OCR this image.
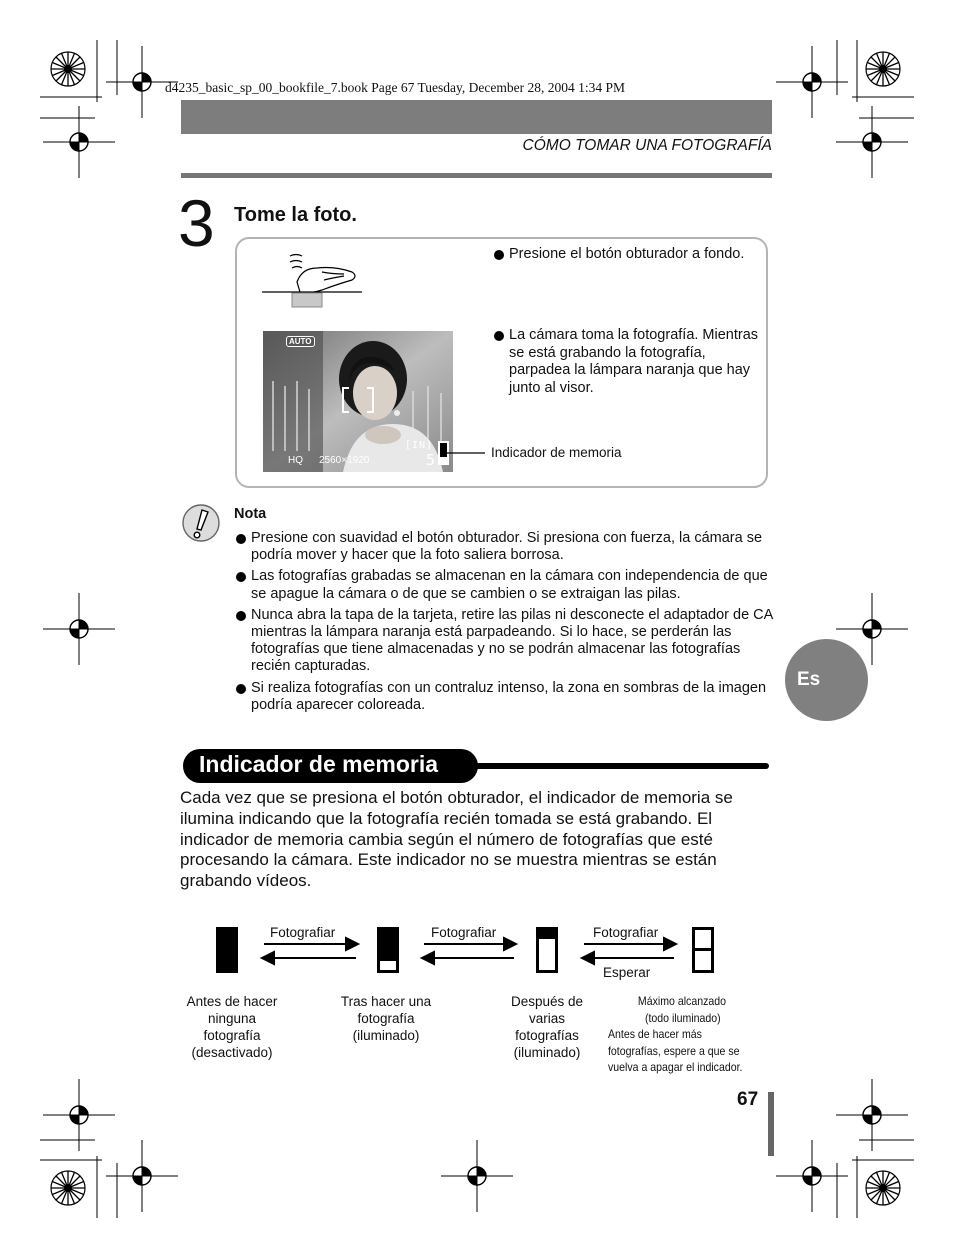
d4235_basic_sp_00_bookfile_7.book Page 67 Tuesday, December 28, 2004 1:34 PM
CÓMO TOMAR UNA FOTOGRAFÍA
3 Tome la foto.
Presione el botón obturador a fondo.
La cámara toma la fotografía. Mientras se está grabando la fotografía, parpadea la lámpara naranja que hay junto al visor.
AUTO
[IN]
5
HQ 2560×1920
Indicador de memoria
Nota
Presione con suavidad el botón obturador. Si presiona con fuerza, la cámara se podría mover y hacer que la foto saliera borrosa.
Las fotografías grabadas se almacenan en la cámara con independencia de que se apague la cámara o de que se cambien o se extraigan las pilas.
Nunca abra la tapa de la tarjeta, retire las pilas ni desconecte el adaptador de CA mientras la lámpara naranja está parpadeando. Si lo hace, se perderán las fotografías que tiene almacenadas y no se podrán almacenar las fotografías recién capturadas.
Si realiza fotografías con un contraluz intenso, la zona en sombras de la imagen podría aparecer coloreada.
Es
Indicador de memoria
Cada vez que se presiona el botón obturador, el indicador de memoria se ilumina indicando que la fotografía recién tomada se está grabando. El indicador de memoria cambia según el número de fotografías que esté procesando la cámara. Este indicador no se muestra mientras se están grabando vídeos.
Fotografiar	Fotografiar	Fotografiar
Esperar
Antes de hacer
ninguna
fotografía
(desactivado)
Tras hacer una
fotografía
(iluminado)
Después de
varias
fotografías
(iluminado)
Máximo alcanzado
(todo iluminado)
Antes de hacer más
fotografías, espere a que se
vuelva a apagar el indicador.
67
